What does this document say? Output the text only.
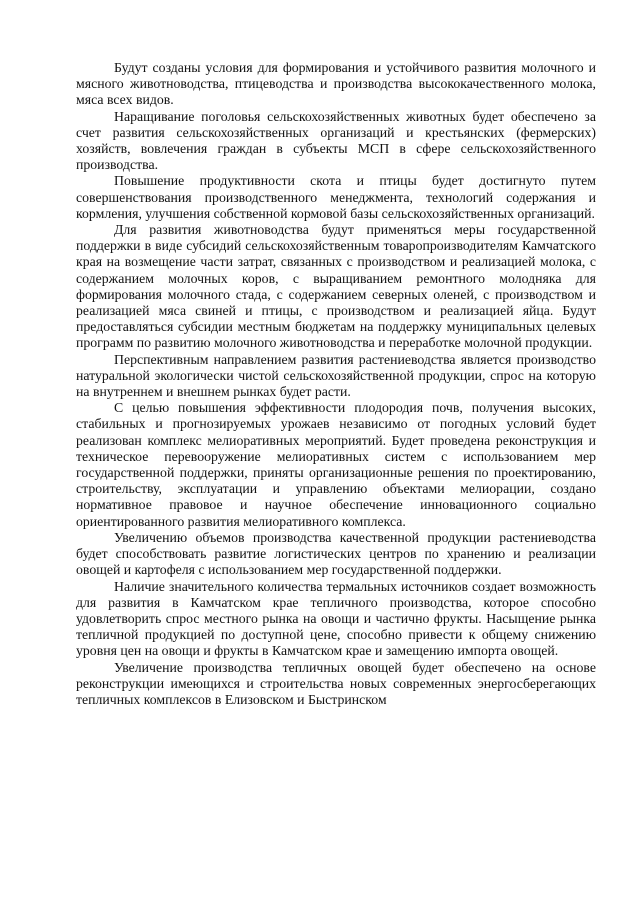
Будут созданы условия для формирования и устойчивого развития молочного и мясного животноводства, птицеводства и производства высококачественного молока, мяса всех видов.

Наращивание поголовья сельскохозяйственных животных будет обеспечено за счет развития сельскохозяйственных организаций и крестьянских (фермерских) хозяйств, вовлечения граждан в субъекты МСП в сфере сельскохозяйственного производства.

Повышение продуктивности скота и птицы будет достигнуто путем совершенствования производственного менеджмента, технологий содержания и кормления, улучшения собственной кормовой базы сельскохозяйственных организаций.

Для развития животноводства будут применяться меры государственной поддержки в виде субсидий сельскохозяйственным товаропроизводителям Камчатского края на возмещение части затрат, связанных с производством и реализацией молока, с содержанием молочных коров, с выращиванием ремонтного молодняка для формирования молочного стада, с содержанием северных оленей, с производством и реализацией мяса свиней и птицы, с производством и реализацией яйца. Будут предоставляться субсидии местным бюджетам на поддержку муниципальных целевых программ по развитию молочного животноводства и переработке молочной продукции.

Перспективным направлением развития растениеводства является производство натуральной экологически чистой сельскохозяйственной продукции, спрос на которую на внутреннем и внешнем рынках будет расти.

С целью повышения эффективности плодородия почв, получения высоких, стабильных и прогнозируемых урожаев независимо от погодных условий будет реализован комплекс мелиоративных мероприятий. Будет проведена реконструкция и техническое перевооружение мелиоративных систем с использованием мер государственной поддержки, приняты организационные решения по проектированию, строительству, эксплуатации и управлению объектами мелиорации, создано нормативное правовое и научное обеспечение инновационного социально ориентированного развития мелиоративного комплекса.

Увеличению объемов производства качественной продукции растениеводства будет способствовать развитие логистических центров по хранению и реализации овощей и картофеля с использованием мер государственной поддержки.

Наличие значительного количества термальных источников создает возможность для развития в Камчатском крае тепличного производства, которое способно удовлетворить спрос местного рынка на овощи и частично фрукты. Насыщение рынка тепличной продукцией по доступной цене, способно привести к общему снижению уровня цен на овощи и фрукты в Камчатском крае и замещению импорта овощей.

Увеличение производства тепличных овощей будет обеспечено на основе реконструкции имеющихся и строительства новых современных энергосберегающих тепличных комплексов в Елизовском и Быстринском
